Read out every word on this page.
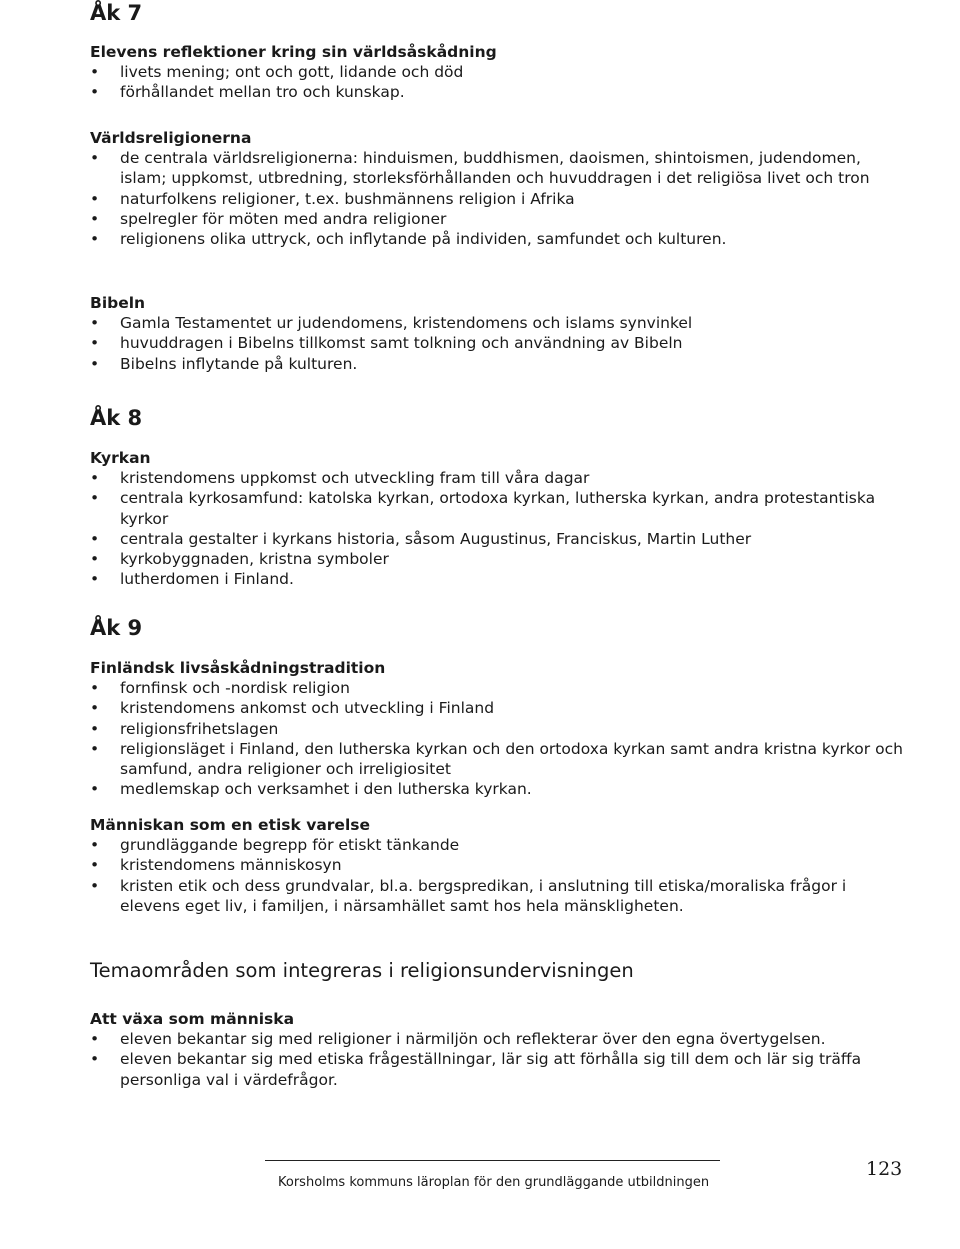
Åk 7
Elevens reflektioner kring sin världsåskådning
• livets mening; ont och gott, lidande och död
• förhållandet mellan tro och kunskap.
Världsreligionerna
• de centrala världsreligionerna: hinduismen, buddhismen, daoismen, shintoismen, judendomen, islam; uppkomst, utbredning, storleksförhållanden och huvuddragen i det religiösa livet och tron
• naturfolkens religioner, t.ex. bushmännens religion i Afrika
• spelregler för möten med andra religioner
• religionens olika uttryck, och inflytande på individen, samfundet och kulturen.
Bibeln
• Gamla Testamentet ur judendomens, kristendomens och islams synvinkel
• huvuddragen i Bibelns tillkomst samt tolkning och användning av Bibeln
• Bibelns inflytande på kulturen.
Åk 8
Kyrkan
• kristendomens uppkomst och utveckling fram till våra dagar
• centrala kyrkosamfund: katolska kyrkan, ortodoxa kyrkan, lutherska kyrkan, andra protestantiska kyrkor
• centrala gestalter i kyrkans historia, såsom Augustinus, Franciskus, Martin Luther
• kyrkobyggnaden, kristna symboler
• lutherdomen i Finland.
Åk 9
Finländsk livsåskådningstradition
• fornfinsk och -nordisk religion
• kristendomens ankomst och utveckling i Finland
• religionsfrihetslagen
• religionsläget i Finland, den lutherska kyrkan och den ortodoxa kyrkan samt andra kristna kyrkor och samfund, andra religioner och irreligiositet
• medlemskap och verksamhet i den lutherska kyrkan.
Människan som en etisk varelse
• grundläggande begrepp för etiskt tänkande
• kristendomens människosyn
• kristen etik och dess grundvalar, bl.a. bergspredikan, i anslutning till etiska/moraliska frågor i elevens eget liv, i familjen, i närsamhället samt hos hela mänskligheten.
Temaområden som integreras i religionsundervisningen
Att växa som människa
• eleven bekantar sig med religioner i närmiljön och reflekterar över den egna övertygelsen.
• eleven bekantar sig med etiska frågeställningar, lär sig att förhålla sig till dem och lär sig träffa personliga val i värdefrågor.
Korsholms kommuns läroplan för den grundläggande utbildningen
123
